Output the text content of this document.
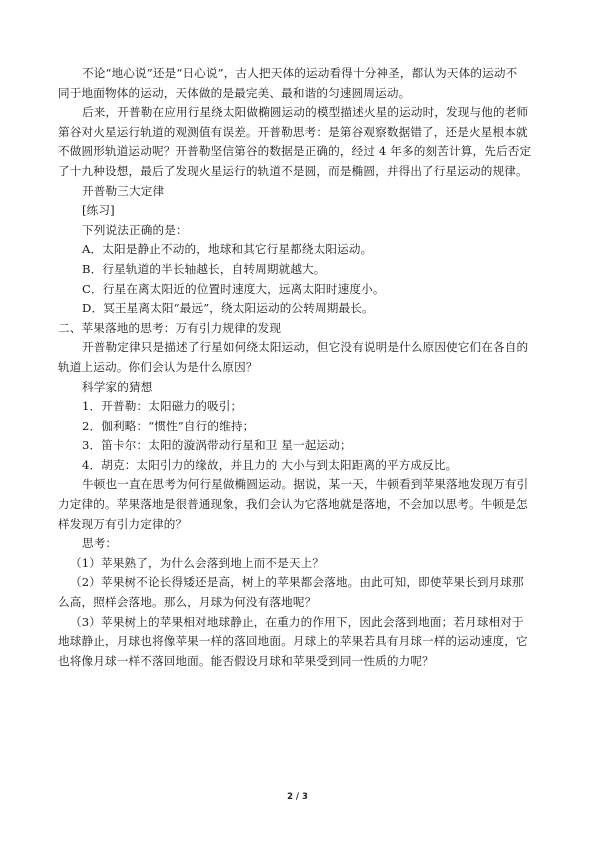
不论“地心说”还是“日心说”，古人把天体的运动看得十分神圣，都认为天体的运动不
同于地面物体的运动，天体做的是最完美、最和谐的匀速圆周运动。
后来，开普勒在应用行星绕太阳做椭圆运动的模型描述火星的运动时，发现与他的老师
第谷对火星运行轨道的观测值有误差。开普勒思考：是第谷观察数据错了，还是火星根本就
不做圆形轨道运动呢？开普勒坚信第谷的数据是正确的，经过 4 年多的刻苦计算，先后否定
了十九种设想，最后了发现火星运行的轨道不是圆，而是椭圆，并得出了行星运动的规律。
开普勒三大定律
[练习]
下列说法正确的是：
A．太阳是静止不动的，地球和其它行星都绕太阳运动。
B．行星轨道的半长轴越长，自转周期就越大。
C．行星在离太阳近的位置时速度大，远离太阳时速度小。
D．冥王星离太阳“最远”，绕太阳运动的公转周期最长。
二、苹果落地的思考：万有引力规律的发现
开普勒定律只是描述了行星如何绕太阳运动，但它没有说明是什么原因使它们在各自的
轨道上运动。你们会认为是什么原因？
科学家的猜想
1．开普勒：太阳磁力的吸引；
2．伽利略：“惯性”自行的维持；
3．笛卡尔：太阳的漩涡带动行星和卫 星一起运动；
4．胡克：太阳引力的缘故，并且力的 大小与到太阳距离的平方成反比。
牛顿也一直在思考为何行星做椭圆运动。据说，某一天，牛顿看到苹果落地发现万有引
力定律的。苹果落地是很普通现象，我们会认为它落地就是落地，不会加以思考。牛顿是怎
样发现万有引力定律的？
思考：
（1）苹果熟了，为什么会落到地上而不是天上？
（2）苹果树不论长得矮还是高，树上的苹果都会落地。由此可知，即使苹果长到月球那
么高，照样会落地。那么，月球为何没有落地呢？
（3）苹果树上的苹果相对地球静止，在重力的作用下，因此会落到地面；若月球相对于
地球静止，月球也将像苹果一样的落回地面。月球上的苹果若具有月球一样的运动速度，它
也将像月球一样不落回地面。能否假设月球和苹果受到同一性质的力呢？
2 / 3
